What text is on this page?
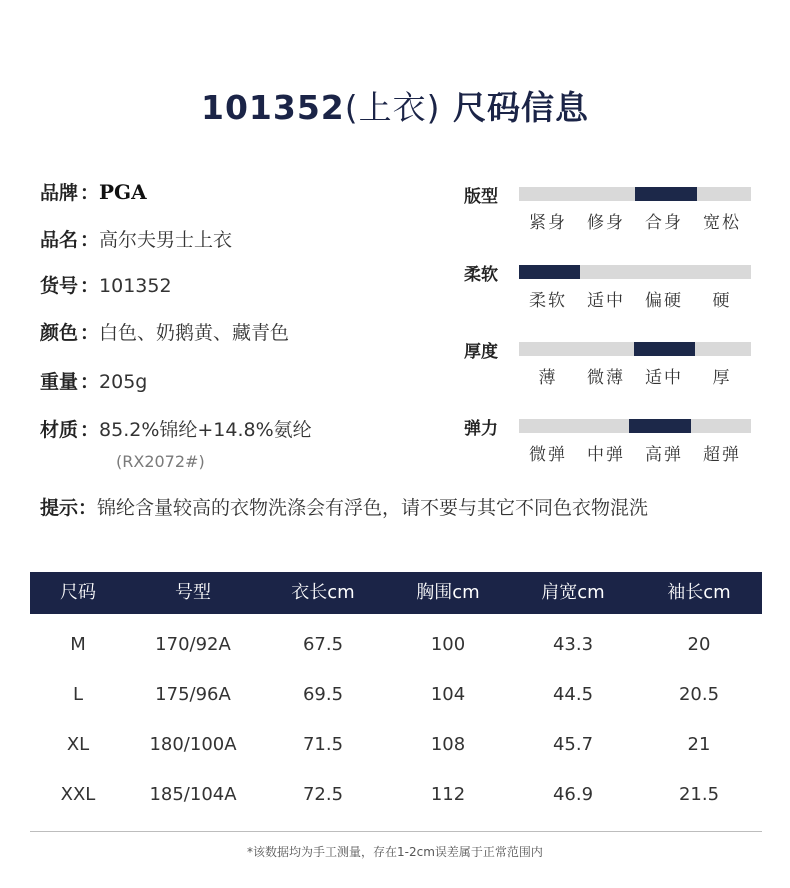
101352(上衣) 尺码信息
品牌 ：PGA
品名 ：高尔夫男士上衣
货号 ：101352
颜色 ：白色、奶鹅黄、藏青色
重量 ：205g
材质 ：85.2%锦纶+14.8%氨纶
(RX2072#)
提示：锦纶含量较高的衣物洗涤会有浮色，请不要与其它不同色衣物混洗
版型
紧身	修身	合身	宽松
柔软
柔软	适中	偏硬	硬
厚度
薄	微薄	适中	厚
弹力
微弹	中弹	高弹	超弹
尺码	号型	衣长cm	胸围cm	肩宽cm	袖长cm
M	170/92A	67.5	100	43.3	20
L	175/96A	69.5	104	44.5	20.5
XL	180/100A	71.5	108	45.7	21
XXL	185/104A	72.5	112	46.9	21.5
*该数据均为手工测量，存在1-2cm误差属于正常范围内
